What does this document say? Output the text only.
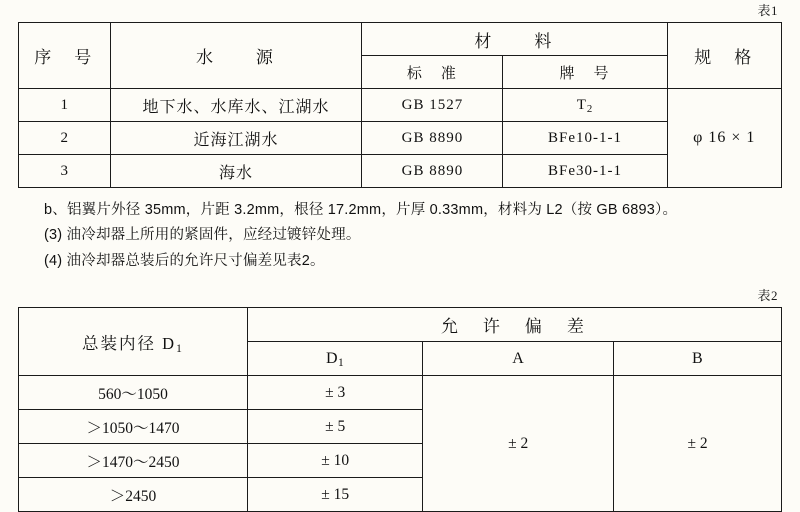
表1
序　号	水　　源	材　　料		规　格
		标　准	牌　号	
1	地下水、水库水、江湖水	GB 1527	$T_2$	φ 16 × 1
2	近海江湖水	GB 8890	BFe10-1-1	
3	海水	GB 8890	BFe30-1-1	
b、铝翼片外径 35mm，片距 3.2mm，根径 17.2mm，片厚 0.33mm，材料为 L2（按 GB 6893）。
(3) 油冷却器上所用的紧固件，应经过镀锌处理。
(4) 油冷却器总装后的允许尺寸偏差见表2。
表2
总装内径 $D_1$	允　许　偏　差		
	$D_1$	A	B
560～1050	± 3	± 2	± 2
＞1050～1470	± 5		
＞1470～2450	± 10		
＞2450	± 15		
